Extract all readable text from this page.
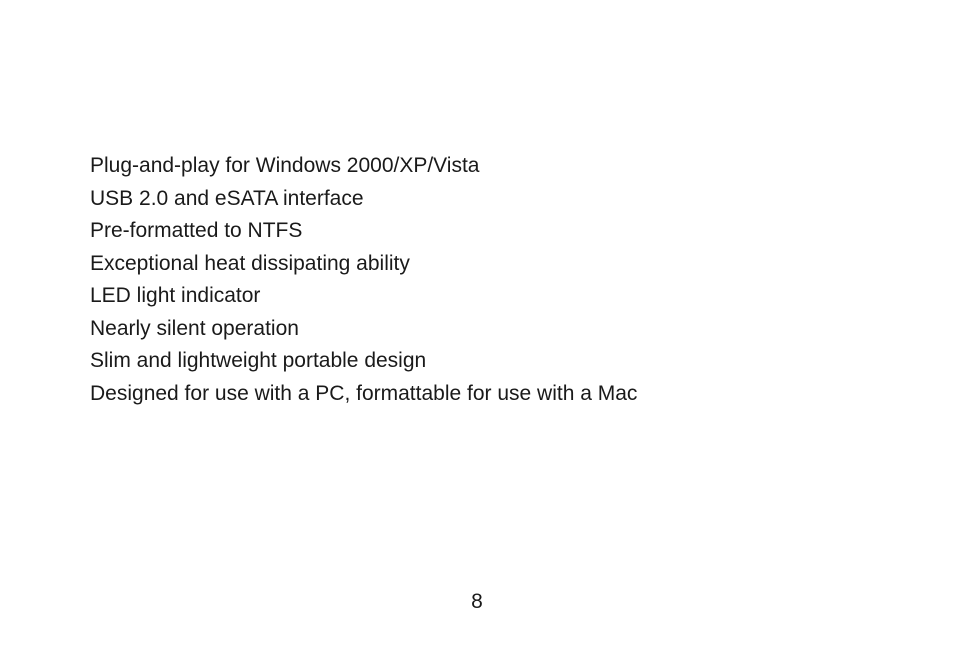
Plug-and-play for Windows 2000/XP/Vista
USB 2.0 and eSATA interface
Pre-formatted to NTFS
Exceptional heat dissipating ability
LED light indicator
Nearly silent operation
Slim and lightweight portable design
Designed for use with a PC, formattable for use with a Mac
8
